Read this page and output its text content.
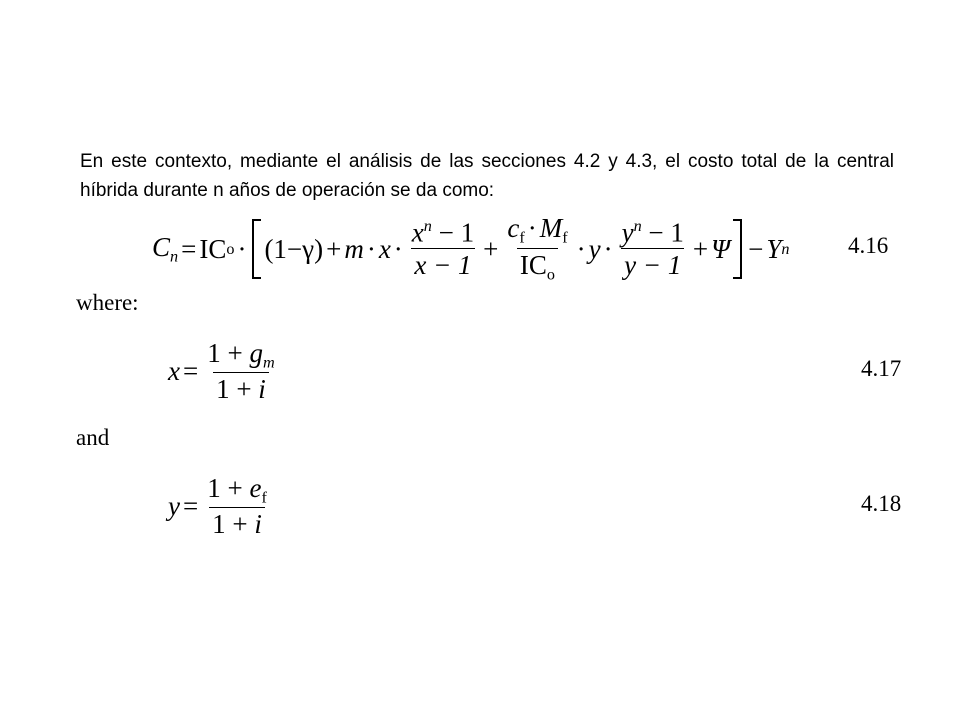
En este contexto, mediante el análisis de las secciones 4.2 y 4.3, el costo total de la central híbrida durante n años de operación se da como:

$C_n$ = IC $o \cdot (1-\gamma) + m \cdot x \cdot \frac{x^n - 1}{x - 1} + \frac{c_f \cdot M_f}{IC_o} \cdot y \cdot \frac{y^n - 1}{y - 1} + \Psi - Y$ n	4.16
where:
$x = \frac{1 + g_m}{1 + i}$	4.17
and
$y = \frac{1 + e_f}{1 + i}$	4.18
